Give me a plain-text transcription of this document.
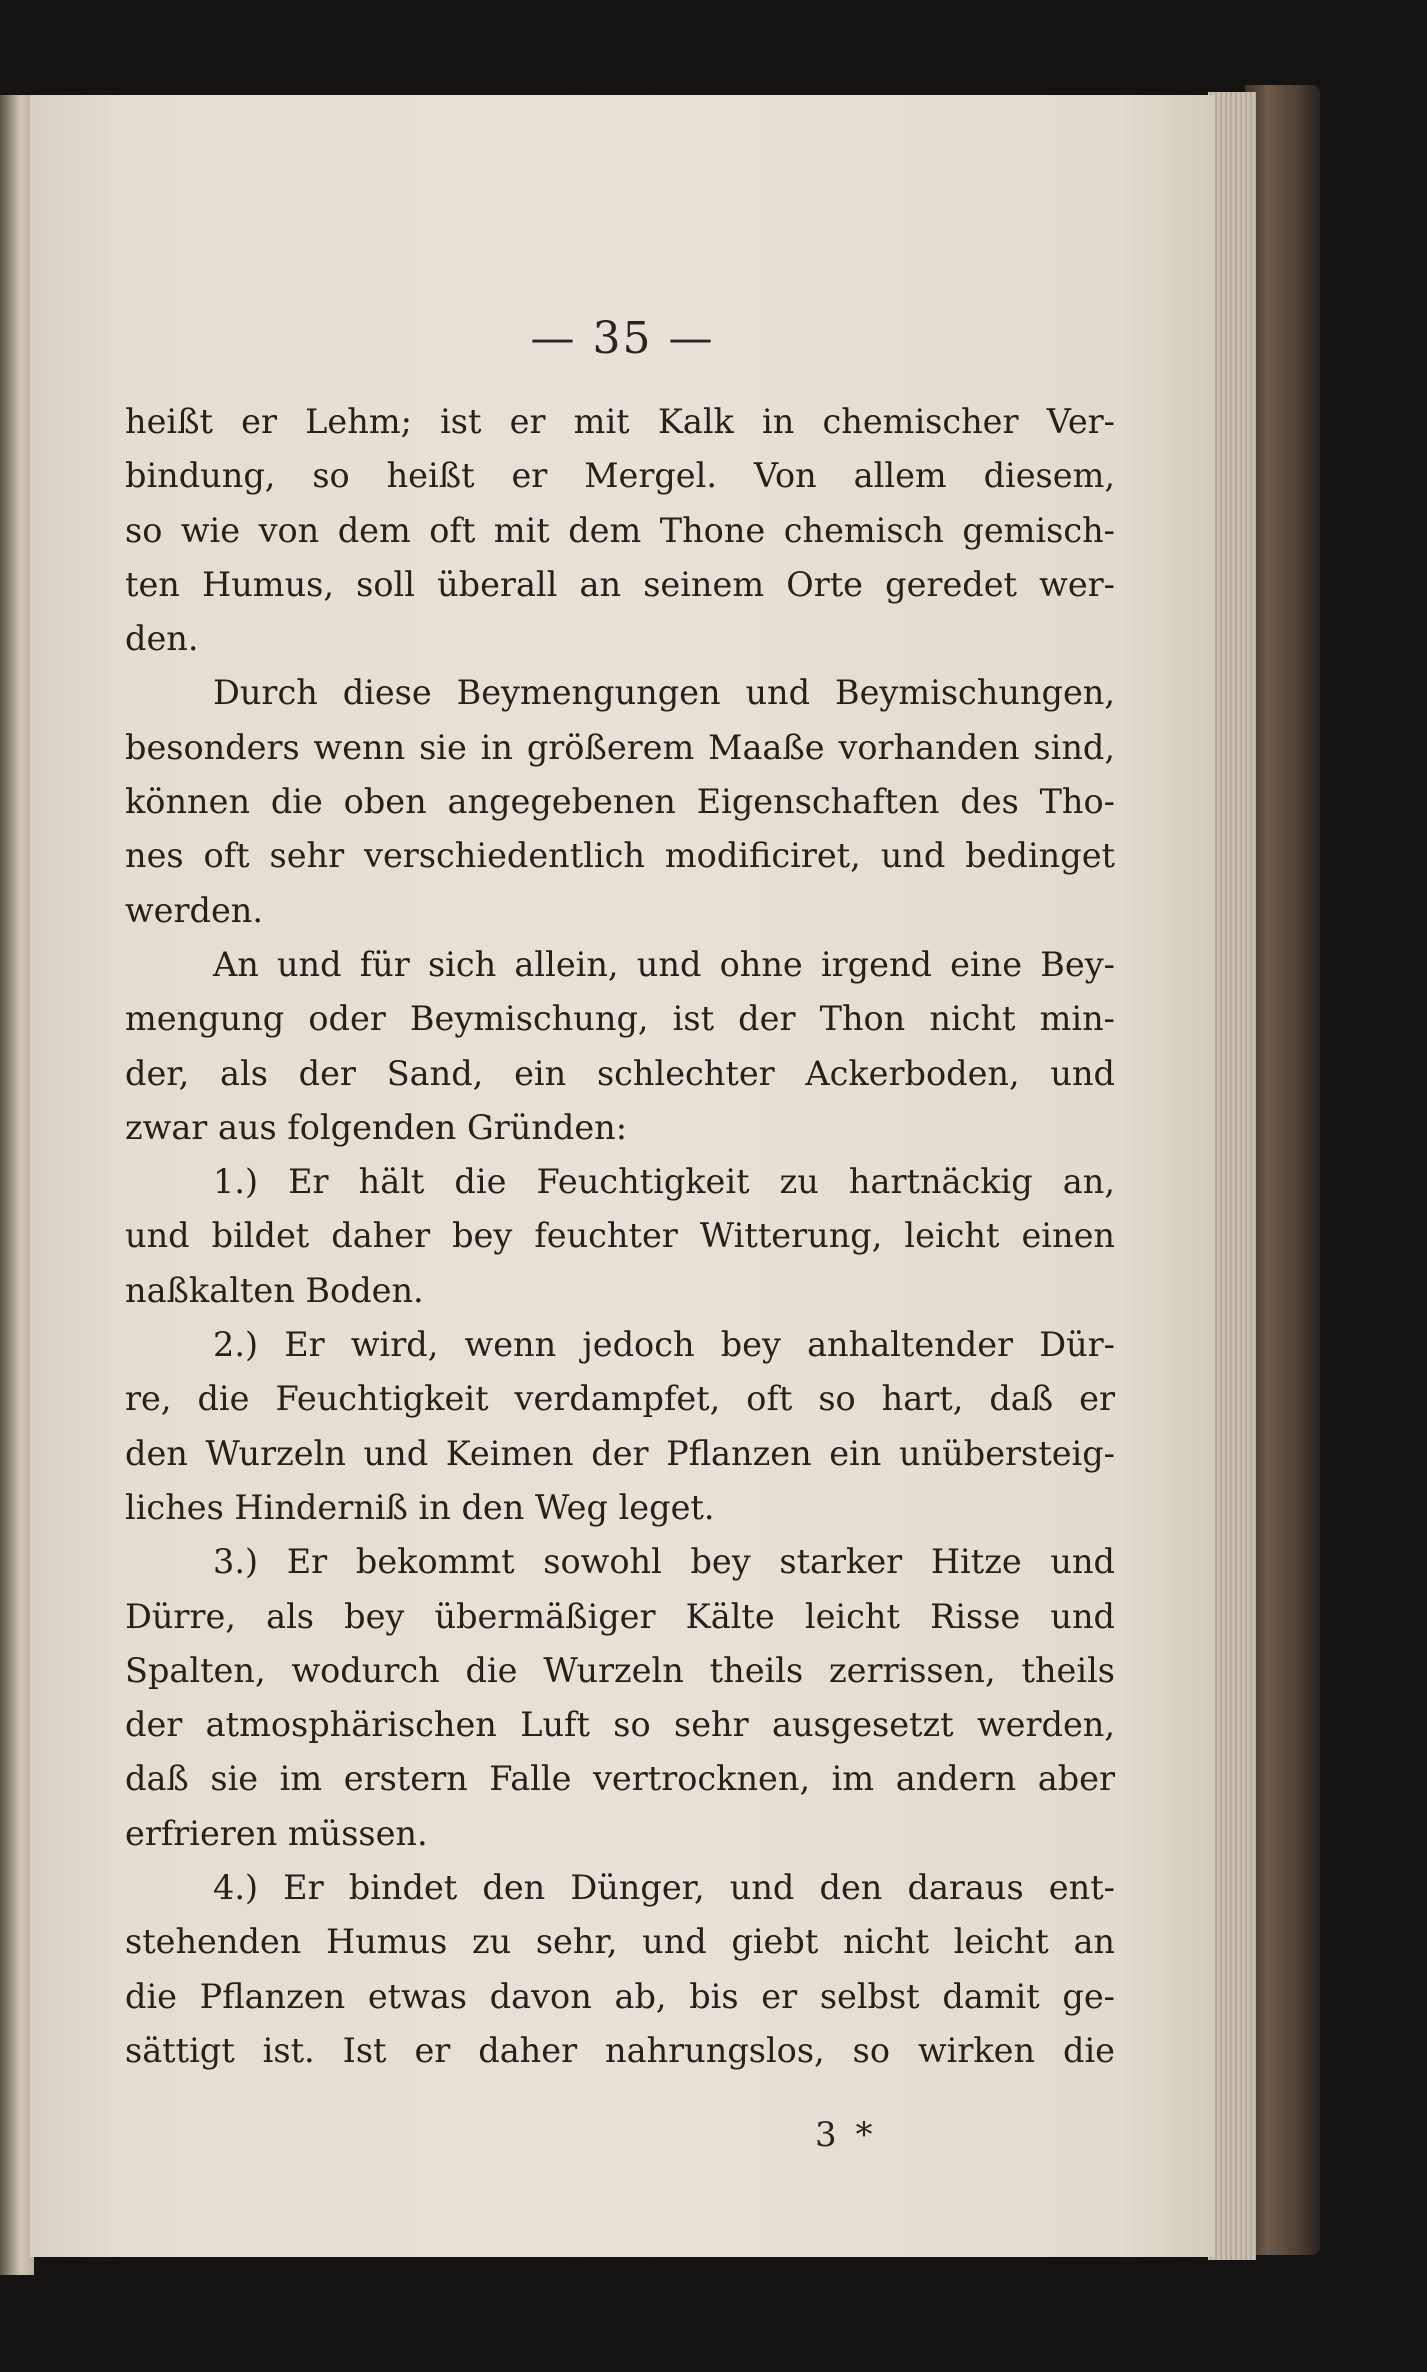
— 35 —
heißt er Lehm; ist er mit Kalk in chemischer Ver-
bindung, so heißt er Mergel. Von allem diesem,
so wie von dem oft mit dem Thone chemisch gemisch-
ten Humus, soll überall an seinem Orte geredet wer-
den.
Durch diese Beymengungen und Beymischungen,
besonders wenn sie in größerem Maaße vorhanden sind,
können die oben angegebenen Eigenschaften des Tho-
nes oft sehr verschiedentlich modificiret, und bedinget
werden.
An und für sich allein, und ohne irgend eine Bey-
mengung oder Beymischung, ist der Thon nicht min-
der, als der Sand, ein schlechter Ackerboden, und
zwar aus folgenden Gründen:
1.) Er hält die Feuchtigkeit zu hartnäckig an,
und bildet daher bey feuchter Witterung, leicht einen
naßkalten Boden.
2.) Er wird, wenn jedoch bey anhaltender Dür-
re, die Feuchtigkeit verdampfet, oft so hart, daß er
den Wurzeln und Keimen der Pflanzen ein unübersteig-
liches Hinderniß in den Weg leget.
3.) Er bekommt sowohl bey starker Hitze und
Dürre, als bey übermäßiger Kälte leicht Risse und
Spalten, wodurch die Wurzeln theils zerrissen, theils
der atmosphärischen Luft so sehr ausgesetzt werden,
daß sie im erstern Falle vertrocknen, im andern aber
erfrieren müssen.
4.) Er bindet den Dünger, und den daraus ent-
stehenden Humus zu sehr, und giebt nicht leicht an
die Pflanzen etwas davon ab, bis er selbst damit ge-
sättigt ist. Ist er daher nahrungslos, so wirken die
3 *
